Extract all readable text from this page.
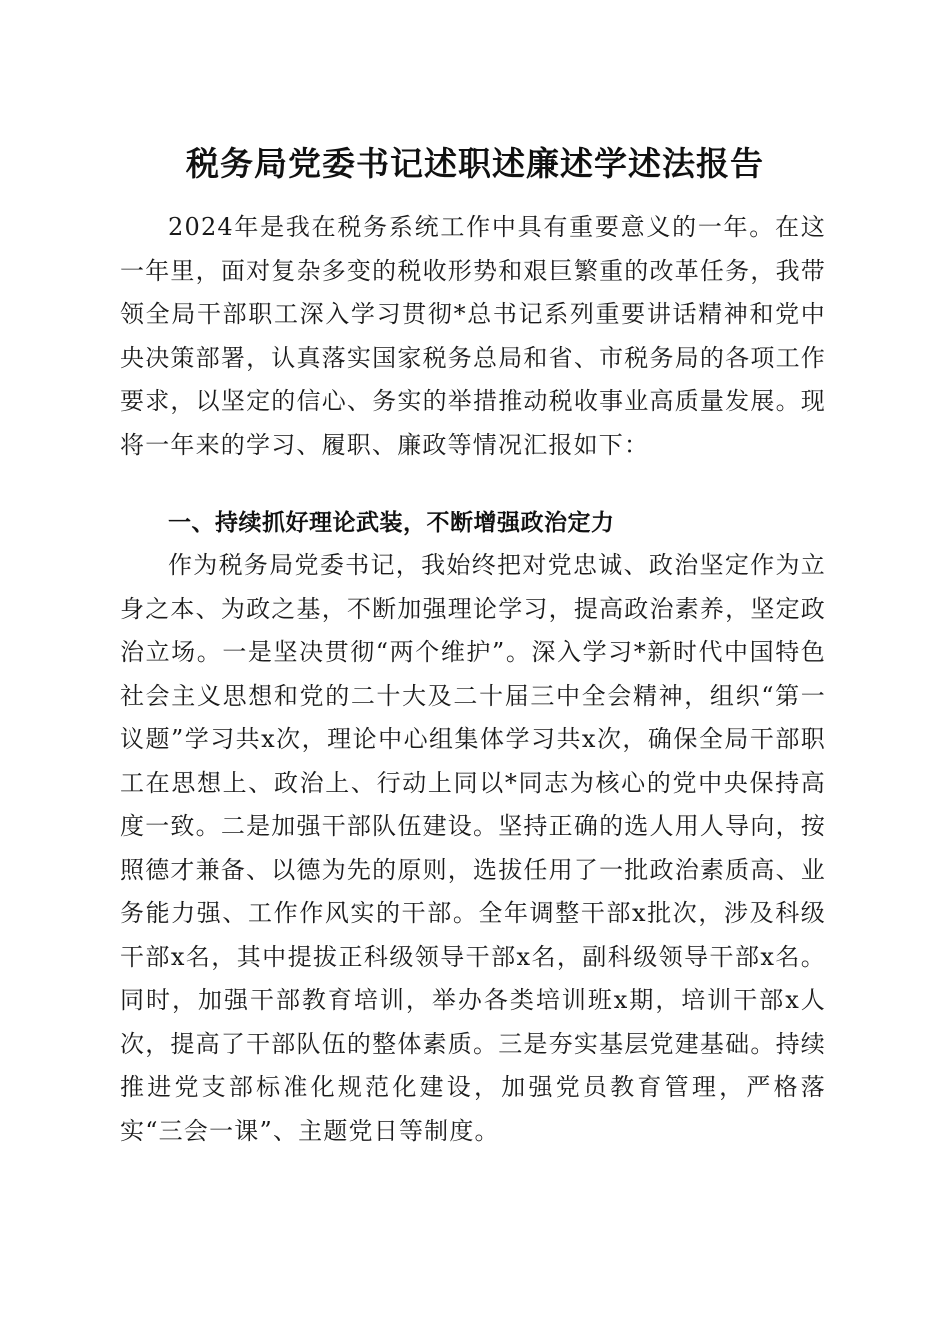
税务局党委书记述职述廉述学述法报告

2024年是我在税务系统工作中具有重要意义的一年。在这一年里，面对复杂多变的税收形势和艰巨繁重的改革任务，我带领全局干部职工深入学习贯彻*总书记系列重要讲话精神和党中央决策部署，认真落实国家税务总局和省、市税务局的各项工作要求，以坚定的信心、务实的举措推动税收事业高质量发展。现将一年来的学习、履职、廉政等情况汇报如下：

一、持续抓好理论武装，不断增强政治定力

作为税务局党委书记，我始终把对党忠诚、政治坚定作为立身之本、为政之基，不断加强理论学习，提高政治素养，坚定政治立场。一是坚决贯彻“两个维护”。深入学习*新时代中国特色社会主义思想和党的二十大及二十届三中全会精神，组织“第一议题”学习共x次，理论中心组集体学习共x次，确保全局干部职工在思想上、政治上、行动上同以*同志为核心的党中央保持高度一致。二是加强干部队伍建设。坚持正确的选人用人导向，按照德才兼备、以德为先的原则，选拔任用了一批政治素质高、业务能力强、工作作风实的干部。全年调整干部x批次，涉及科级干部x名，其中提拔正科级领导干部x名，副科级领导干部x名。同时，加强干部教育培训，举办各类培训班x期，培训干部x人次，提高了干部队伍的整体素质。三是夯实基层党建基础。持续推进党支部标准化规范化建设，加强党员教育管理，严格落实“三会一课”、主题党日等制度。
